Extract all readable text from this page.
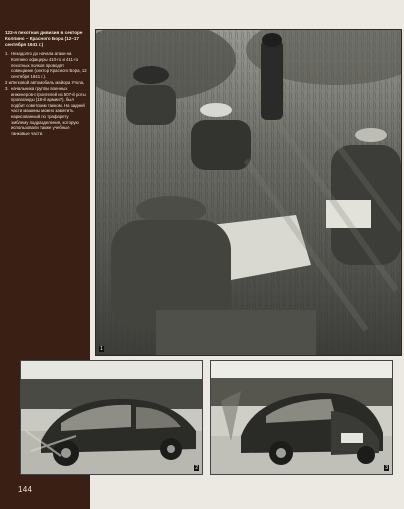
122-я пехотная дивизия в секторе Колпино – Красного Бора (12–17 сентября 1941 г.)

1. Незадолго до начала атаки на Колпино офицеры 410-го и 411-го пехотных полков проводят совещание (сектор Красного Бора, 12 сентября 1941 г.).
2 и 3.
Легковой автомобиль майора Уткла, начальника группы военных инженеров-строителей из 507-й роты пропаганды (18-й армии?), был подбит советским танком. На задней части машины можно заметить нарисованный по трафарету эмблему подразделения, которую использовали также учебные танковые части.
144
1
2	3
